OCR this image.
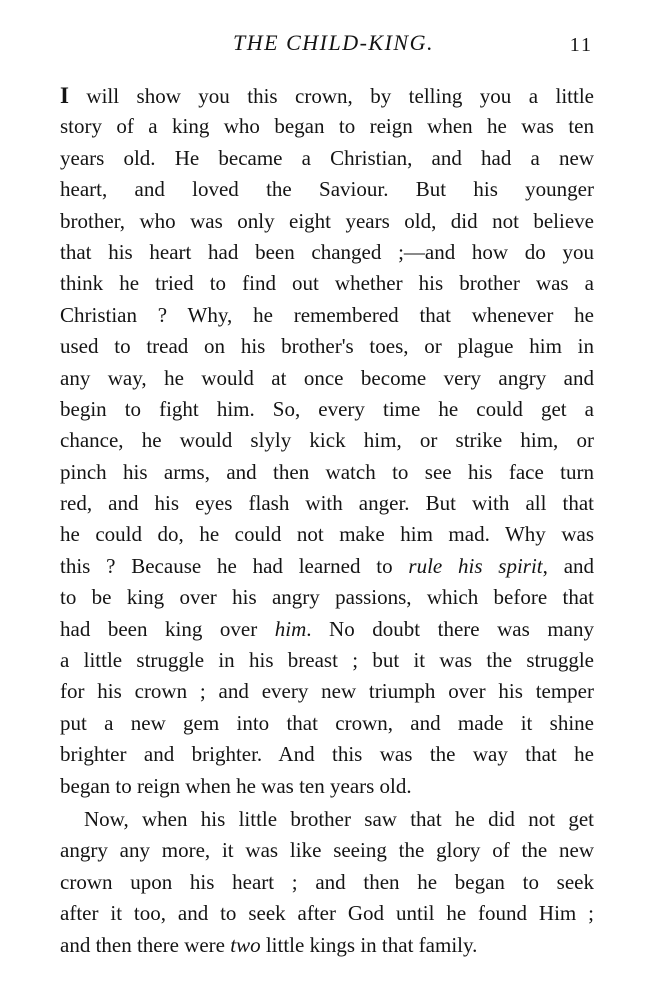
THE CHILD-KING.	11
I will show you this crown, by telling you a little
story of a king who began to reign when he was ten
years old. He became a Christian, and had a new
heart, and loved the Saviour. But his younger
brother, who was only eight years old, did not believe
that his heart had been changed ;—and how do you
think he tried to find out whether his brother was a
Christian ? Why, he remembered that whenever he
used to tread on his brother's toes, or plague him in
any way, he would at once become very angry and
begin to fight him. So, every time he could get a
chance, he would slyly kick him, or strike him, or
pinch his arms, and then watch to see his face turn
red, and his eyes flash with anger. But with all that
he could do, he could not make him mad. Why was
this ? Because he had learned to rule his spirit, and
to be king over his angry passions, which before that
had been king over him. No doubt there was many
a little struggle in his breast ; but it was the struggle
for his crown ; and every new triumph over his temper
put a new gem into that crown, and made it shine
brighter and brighter. And this was the way that he
began to reign when he was ten years old.
Now, when his little brother saw that he did not get
angry any more, it was like seeing the glory of the new
crown upon his heart ; and then he began to seek
after it too, and to seek after God until he found Him ;
and then there were two little kings in that family.
